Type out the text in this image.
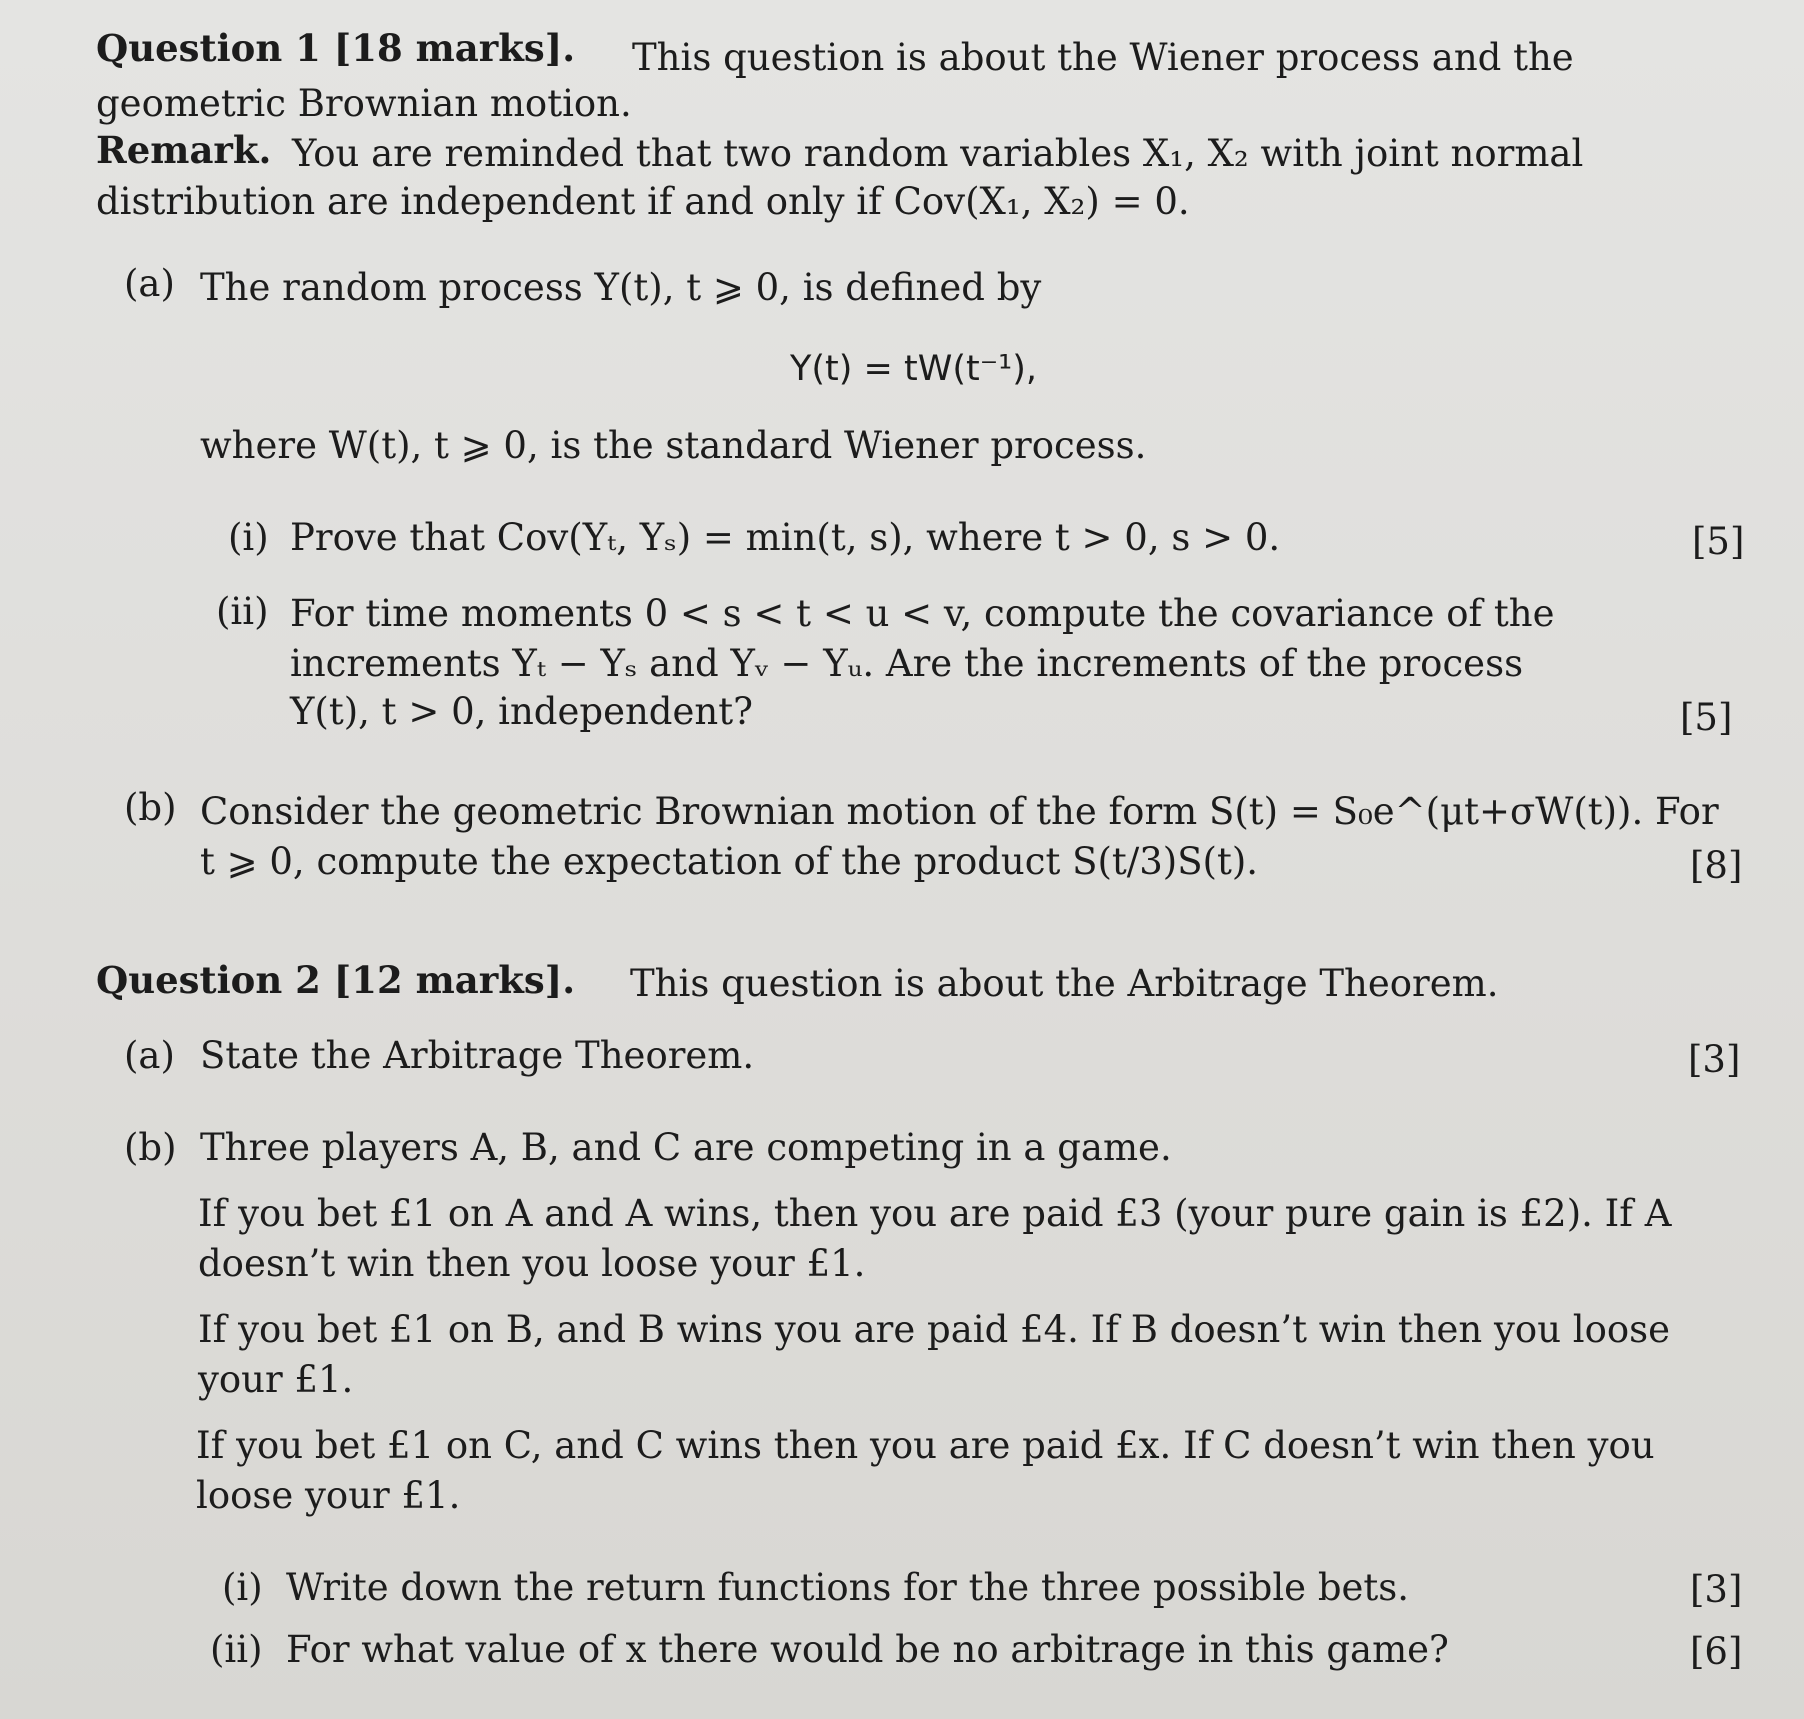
Question 1 [18 marks]. This question is about the Wiener process and the
geometric Brownian motion.
Remark. You are reminded that two random variables X₁, X₂ with joint normal
distribution are independent if and only if Cov(X₁, X₂) = 0.
(a) The random process Y(t), t ⩾ 0, is defined by
Y(t) = tW(t⁻¹),
where W(t), t ⩾ 0, is the standard Wiener process.
(i) Prove that Cov(Yₜ, Yₛ) = min(t, s), where t > 0, s > 0.	[5]
(ii) For time moments 0 < s < t < u < v, compute the covariance of the
increments Yₜ − Yₛ and Yᵥ − Yᵤ. Are the increments of the process
Y(t), t > 0, independent?	[5]
(b) Consider the geometric Brownian motion of the form S(t) = S₀e^(μt+σW(t)). For
t ⩾ 0, compute the expectation of the product S(t/3)S(t).	[8]
Question 2 [12 marks]. This question is about the Arbitrage Theorem.
(a) State the Arbitrage Theorem.	[3]
(b) Three players A, B, and C are competing in a game.
If you bet £1 on A and A wins, then you are paid £3 (your pure gain is £2). If A
doesn’t win then you loose your £1.
If you bet £1 on B, and B wins you are paid £4. If B doesn’t win then you loose
your £1.
If you bet £1 on C, and C wins then you are paid £x. If C doesn’t win then you
loose your £1.
(i) Write down the return functions for the three possible bets.	[3]
(ii) For what value of x there would be no arbitrage in this game?	[6]
